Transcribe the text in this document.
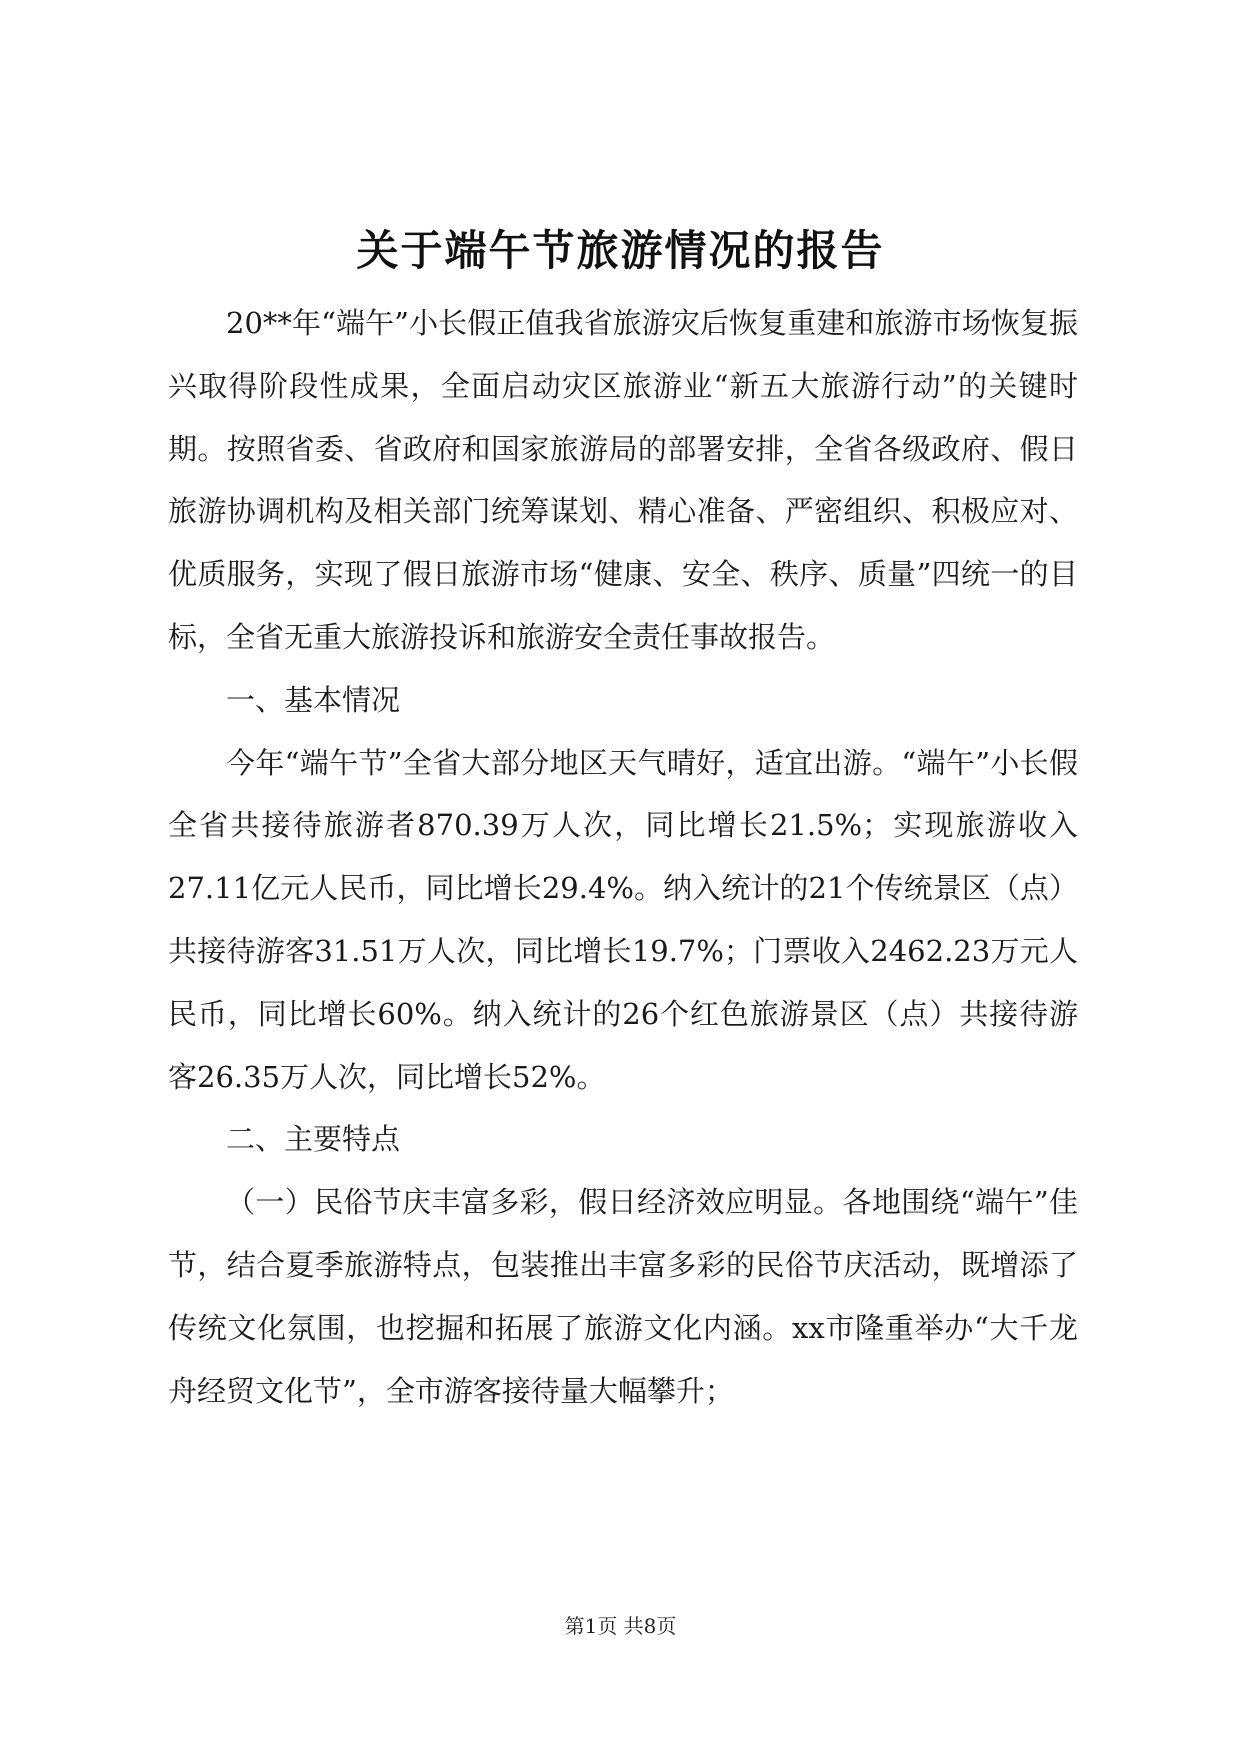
关于端午节旅游情况的报告

20**年“端午”小长假正值我省旅游灾后恢复重建和旅游市场恢复振兴取得阶段性成果，全面启动灾区旅游业“新五大旅游行动”的关键时期。按照省委、省政府和国家旅游局的部署安排，全省各级政府、假日旅游协调机构及相关部门统筹谋划、精心准备、严密组织、积极应对、优质服务，实现了假日旅游市场“健康、安全、秩序、质量”四统一的目标，全省无重大旅游投诉和旅游安全责任事故报告。

一、基本情况

今年“端午节”全省大部分地区天气晴好，适宜出游。“端午”小长假全省共接待旅游者870.39万人次，同比增长21.5%；实现旅游收入27.11亿元人民币，同比增长29.4%。纳入统计的21个传统景区（点）共接待游客31.51万人次，同比增长19.7%；门票收入2462.23万元人民币，同比增长60%。纳入统计的26个红色旅游景区（点）共接待游客26.35万人次，同比增长52%。

二、主要特点

（一）民俗节庆丰富多彩，假日经济效应明显。各地围绕“端午”佳节，结合夏季旅游特点，包装推出丰富多彩的民俗节庆活动，既增添了传统文化氛围，也挖掘和拓展了旅游文化内涵。xx市隆重举办“大千龙舟经贸文化节”，全市游客接待量大幅攀升；

第1页 共8页
